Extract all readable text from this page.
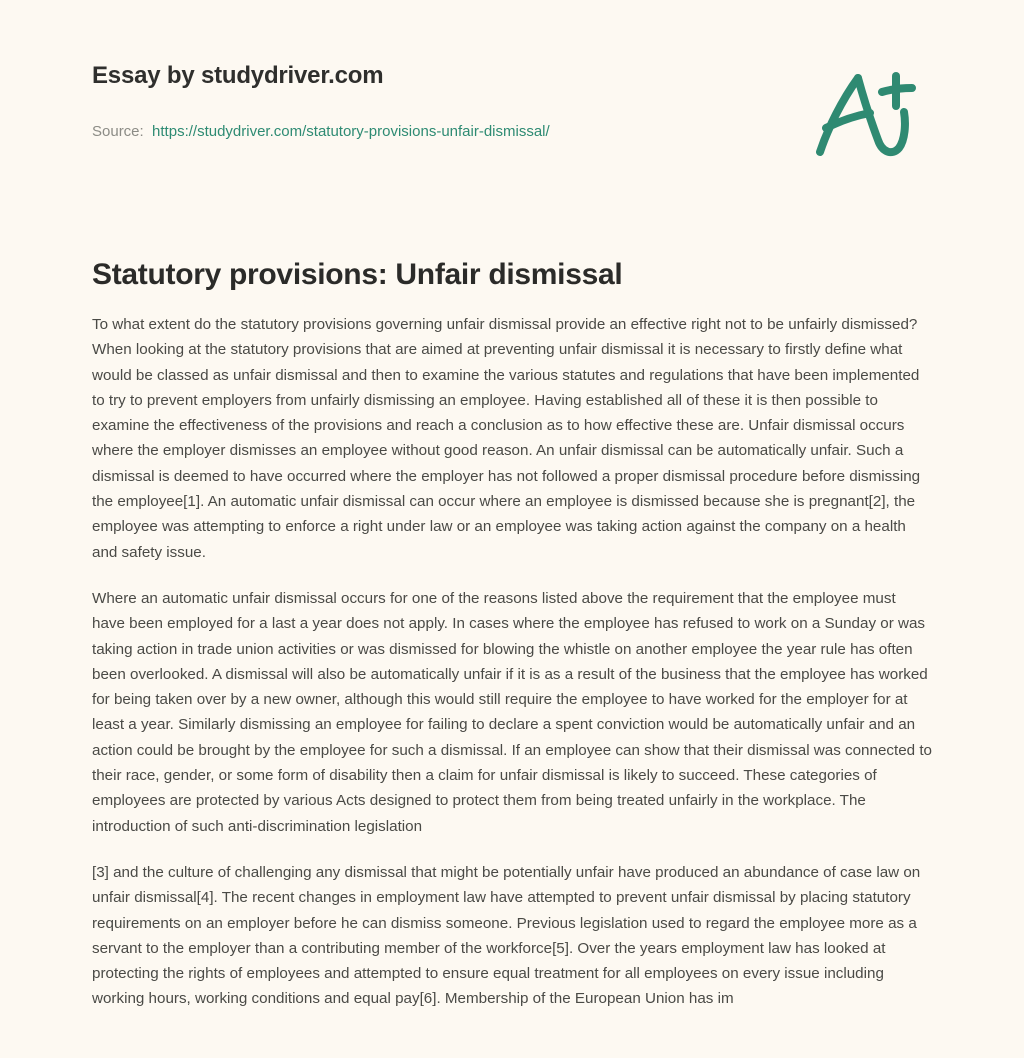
Essay by studydriver.com
Source: https://studydriver.com/statutory-provisions-unfair-dismissal/
Statutory provisions: Unfair dismissal

To what extent do the statutory provisions governing unfair dismissal provide an effective right not to be unfairly dismissed? When looking at the statutory provisions that are aimed at preventing unfair dismissal it is necessary to firstly define what would be classed as unfair dismissal and then to examine the various statutes and regulations that have been implemented to try to prevent employers from unfairly dismissing an employee. Having established all of these it is then possible to examine the effectiveness of the provisions and reach a conclusion as to how effective these are. Unfair dismissal occurs where the employer dismisses an employee without good reason. An unfair dismissal can be automatically unfair. Such a dismissal is deemed to have occurred where the employer has not followed a proper dismissal procedure before dismissing the employee[1]. An automatic unfair dismissal can occur where an employee is dismissed because she is pregnant[2], the employee was attempting to enforce a right under law or an employee was taking action against the company on a health and safety issue.

Where an automatic unfair dismissal occurs for one of the reasons listed above the requirement that the employee must have been employed for a last a year does not apply. In cases where the employee has refused to work on a Sunday or was taking action in trade union activities or was dismissed for blowing the whistle on another employee the year rule has often been overlooked. A dismissal will also be automatically unfair if it is as a result of the business that the employee has worked for being taken over by a new owner, although this would still require the employee to have worked for the employer for at least a year. Similarly dismissing an employee for failing to declare a spent conviction would be automatically unfair and an action could be brought by the employee for such a dismissal. If an employee can show that their dismissal was connected to their race, gender, or some form of disability then a claim for unfair dismissal is likely to succeed. These categories of employees are protected by various Acts designed to protect them from being treated unfairly in the workplace. The introduction of such anti-discrimination legislation

[3] and the culture of challenging any dismissal that might be potentially unfair have produced an abundance of case law on unfair dismissal[4]. The recent changes in employment law have attempted to prevent unfair dismissal by placing statutory requirements on an employer before he can dismiss someone. Previous legislation used to regard the employee more as a servant to the employer than a contributing member of the workforce[5]. Over the years employment law has looked at protecting the rights of employees and attempted to ensure equal treatment for all employees on every issue including working hours, working conditions and equal pay[6]. Membership of the European Union has im
